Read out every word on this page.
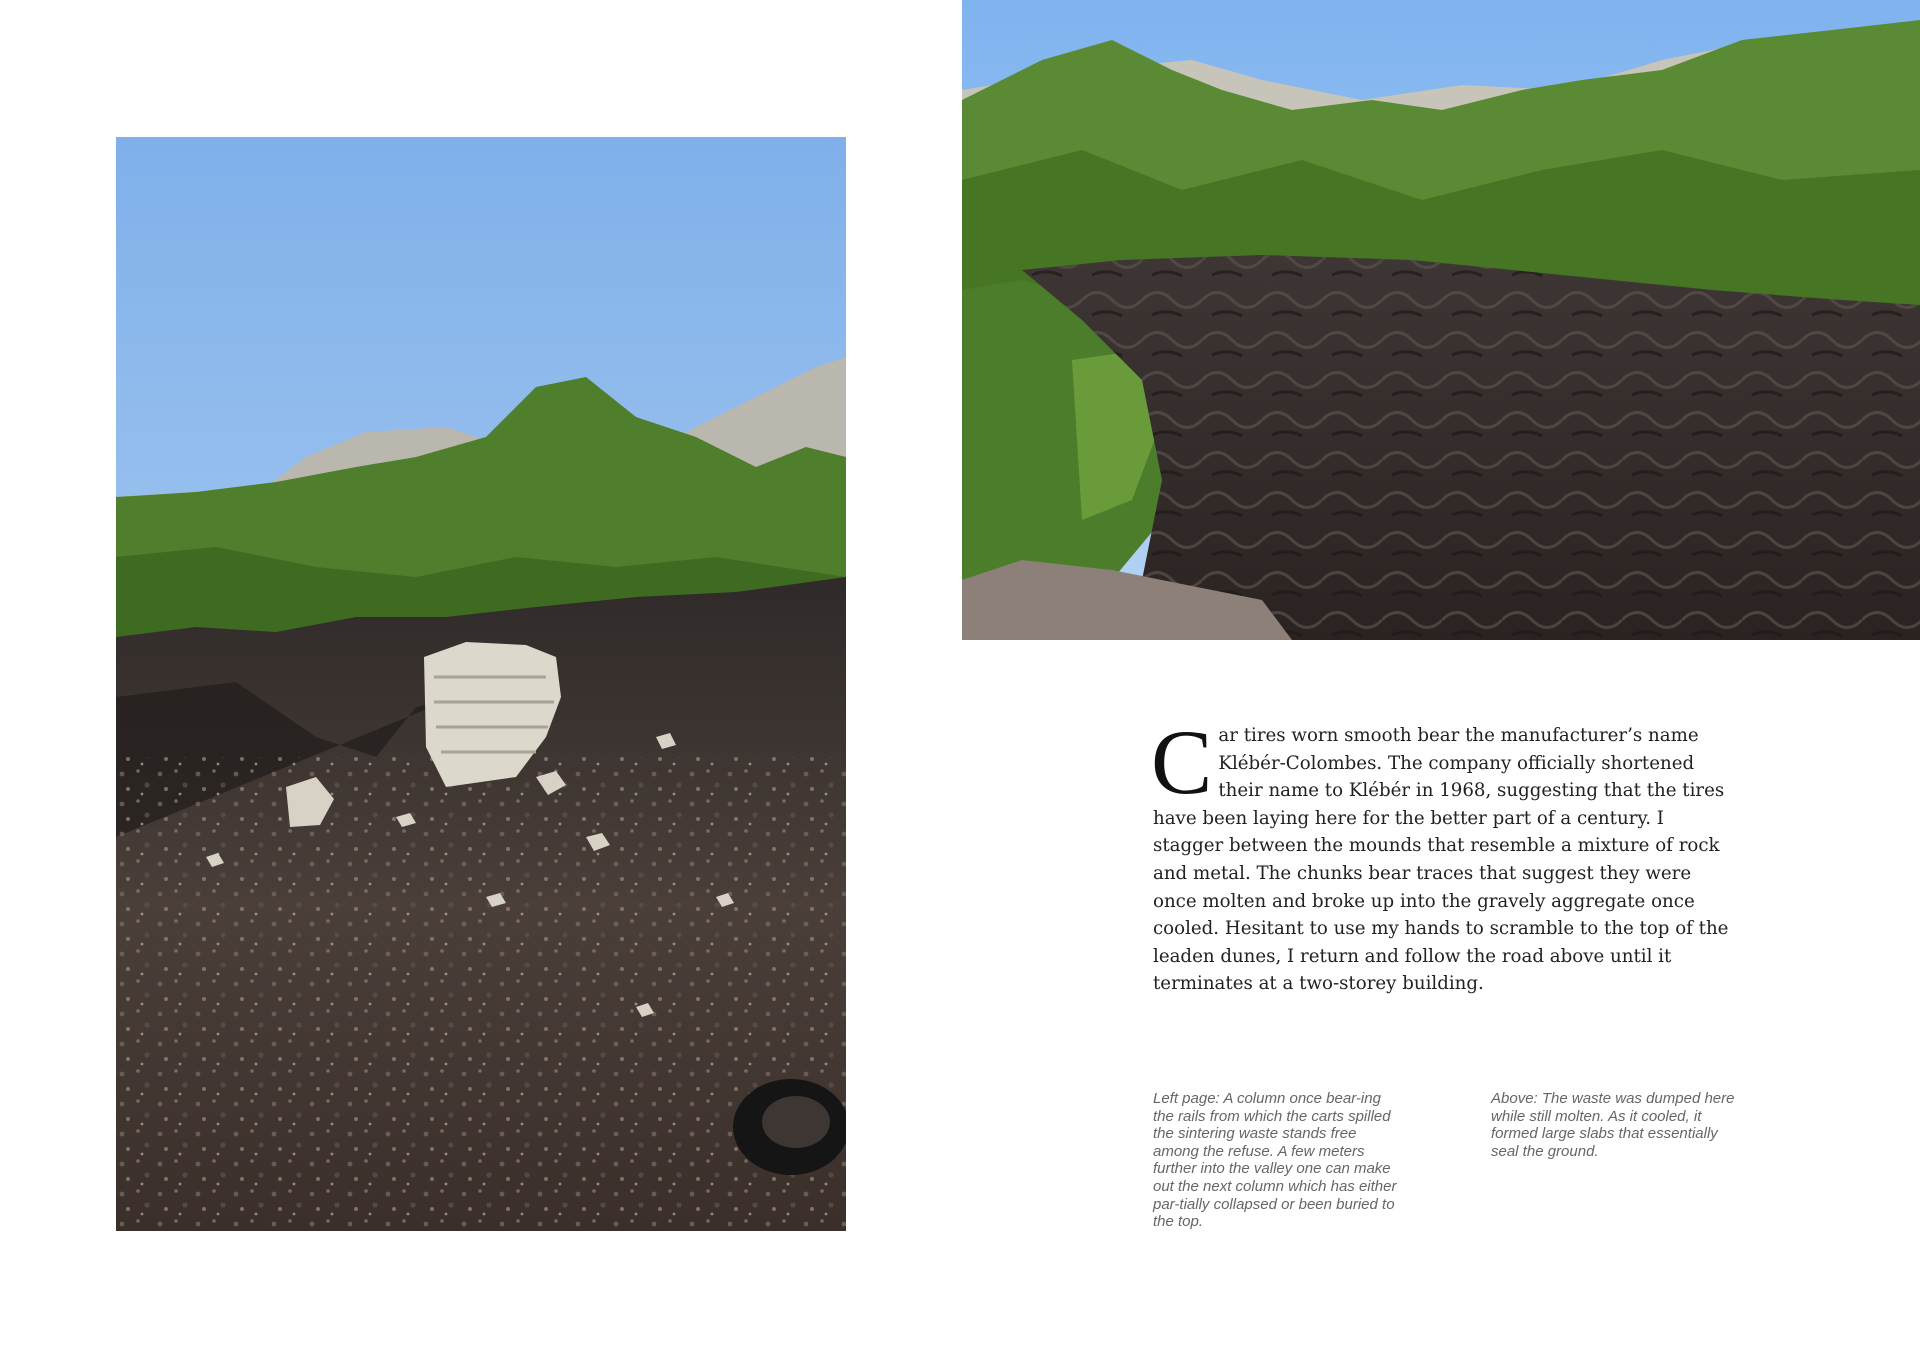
Car tires worn smooth bear the manufacturer’s name Klébér-Colombes. The company officially shortened their name to Klébér in 1968, suggesting that the tires have been laying here for the better part of a century. I stagger between the mounds that resemble a mixture of rock and metal. The chunks bear traces that suggest they were once molten and broke up into the gravely aggregate once cooled. Hesitant to use my hands to scramble to the top of the leaden dunes, I return and follow the road above until it terminates at a two-storey building.

Left page: A column once bear-ing the rails from which the carts spilled the sintering waste stands free among the refuse. A few meters further into the valley one can make out the next column which has either par-tially collapsed or been buried to the top.

Above: The waste was dumped here while still molten. As it cooled, it formed large slabs that essentially seal the ground.
